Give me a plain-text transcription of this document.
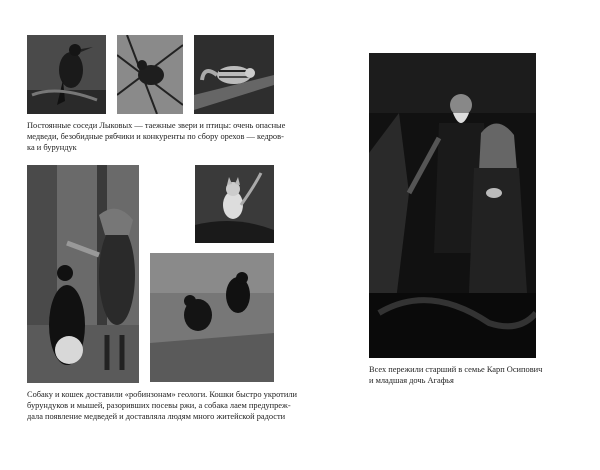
Постоянные соседи Лыковых — таежные звери и птицы: очень опасные
медведи, безобидные рябчики и конкуренты по сбору орехов — кедров-
ка и бурундук

Собаку и кошек доставили «робинзонам» геологи. Кошки быстро укротили
бурундуков и мышей, разоривших посевы ржи, а собака лаем предупреж-
дала появление медведей и доставляла людям много житейской радости

Всех пережили старший в семье Карп Осипович
и младшая дочь Агафья
